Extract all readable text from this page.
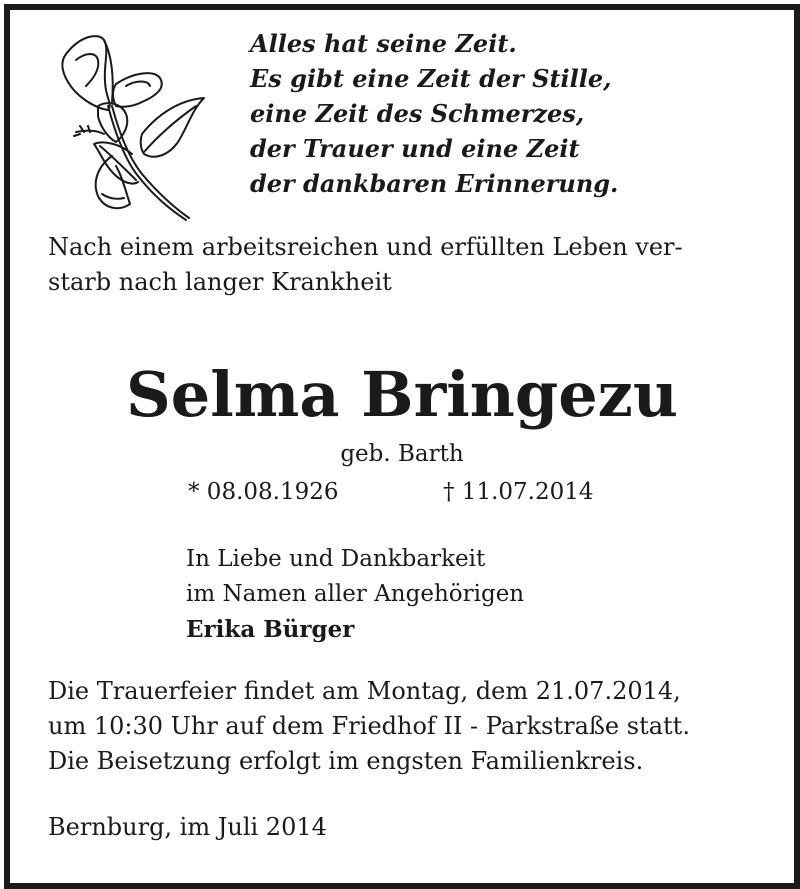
Alles hat seine Zeit.
Es gibt eine Zeit der Stille,
eine Zeit des Schmerzes,
der Trauer und eine Zeit
der dankbaren Erinnerung.
Nach einem arbeitsreichen und erfüllten Leben ver-
starb nach langer Krankheit
Selma Bringezu
geb. Barth
* 08.08.1926	† 11.07.2014
In Liebe und Dankbarkeit
im Namen aller Angehörigen
Erika Bürger
Die Trauerfeier findet am Montag, dem 21.07.2014,
um 10:30 Uhr auf dem Friedhof II - Parkstraße statt.
Die Beisetzung erfolgt im engsten Familienkreis.
Bernburg, im Juli 2014
